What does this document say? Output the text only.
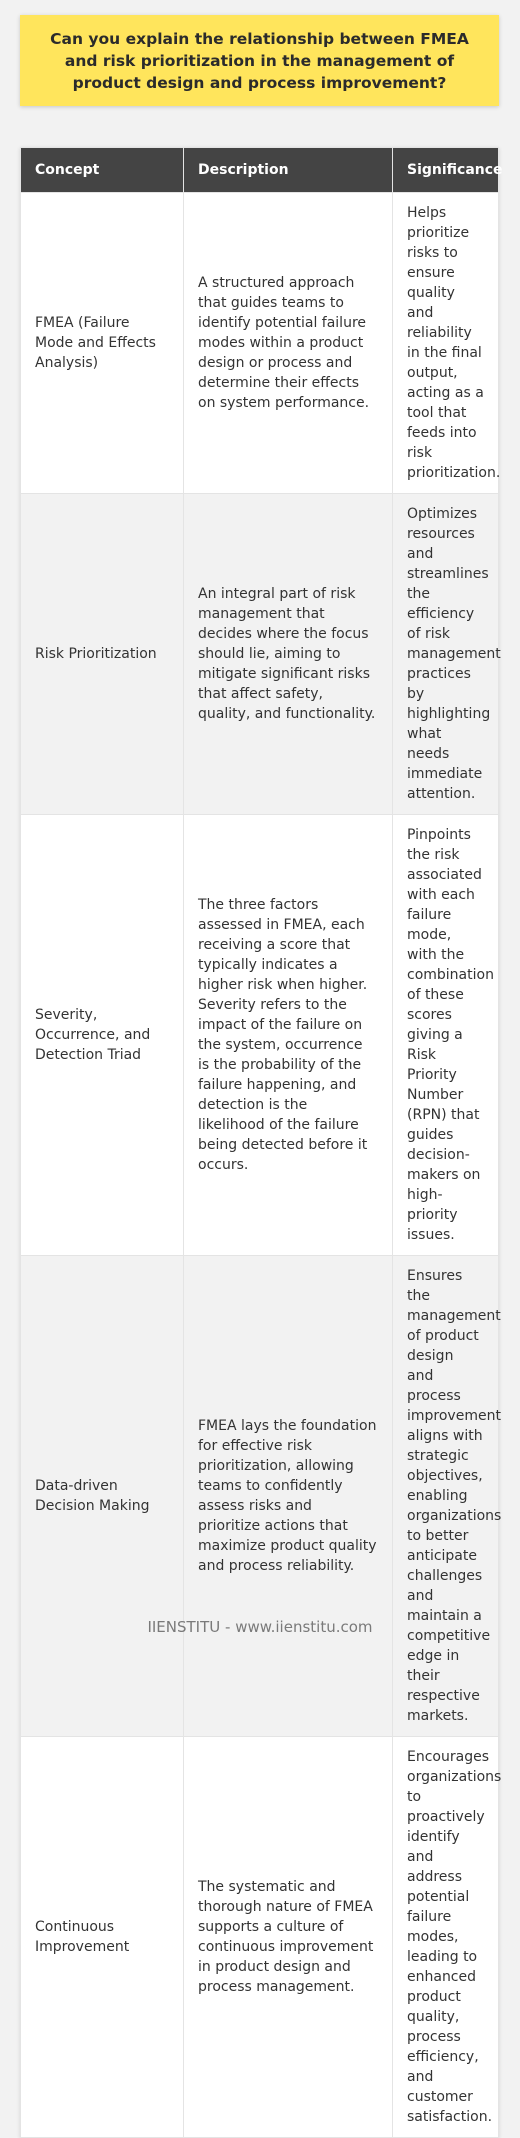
Can you explain the relationship between FMEA and risk prioritization in the management of product design and process improvement?
Concept	Description	Significance
FMEA (Failure Mode and Effects Analysis)	A structured approach that guides teams to identify potential failure modes within a product design or process and determine their effects on system performance.	Helps prioritize risks to ensure quality and reliability in the final output, acting as a tool that feeds into risk prioritization.
Risk Prioritization	An integral part of risk management that decides where the focus should lie, aiming to mitigate significant risks that affect safety, quality, and functionality.	Optimizes resources and streamlines the efficiency of risk management practices by highlighting what needs immediate attention.
Severity, Occurrence, and Detection Triad	The three factors assessed in FMEA, each receiving a score that typically indicates a higher risk when higher. Severity refers to the impact of the failure on the system, occurrence is the probability of the failure happening, and detection is the likelihood of the failure being detected before it occurs.	Pinpoints the risk associated with each failure mode, with the combination of these scores giving a Risk Priority Number (RPN) that guides decision-makers on high-priority issues.
Data-driven Decision Making	FMEA lays the foundation for effective risk prioritization, allowing teams to confidently assess risks and prioritize actions that maximize product quality and process reliability.	Ensures the management of product design and process improvement aligns with strategic objectives, enabling organizations to better anticipate challenges and maintain a competitive edge in their respective markets.
Continuous Improvement	The systematic and thorough nature of FMEA supports a culture of continuous improvement in product design and process management.	Encourages organizations to proactively identify and address potential failure modes, leading to enhanced product quality, process efficiency, and customer satisfaction.
IIENSTITU - www.iienstitu.com
